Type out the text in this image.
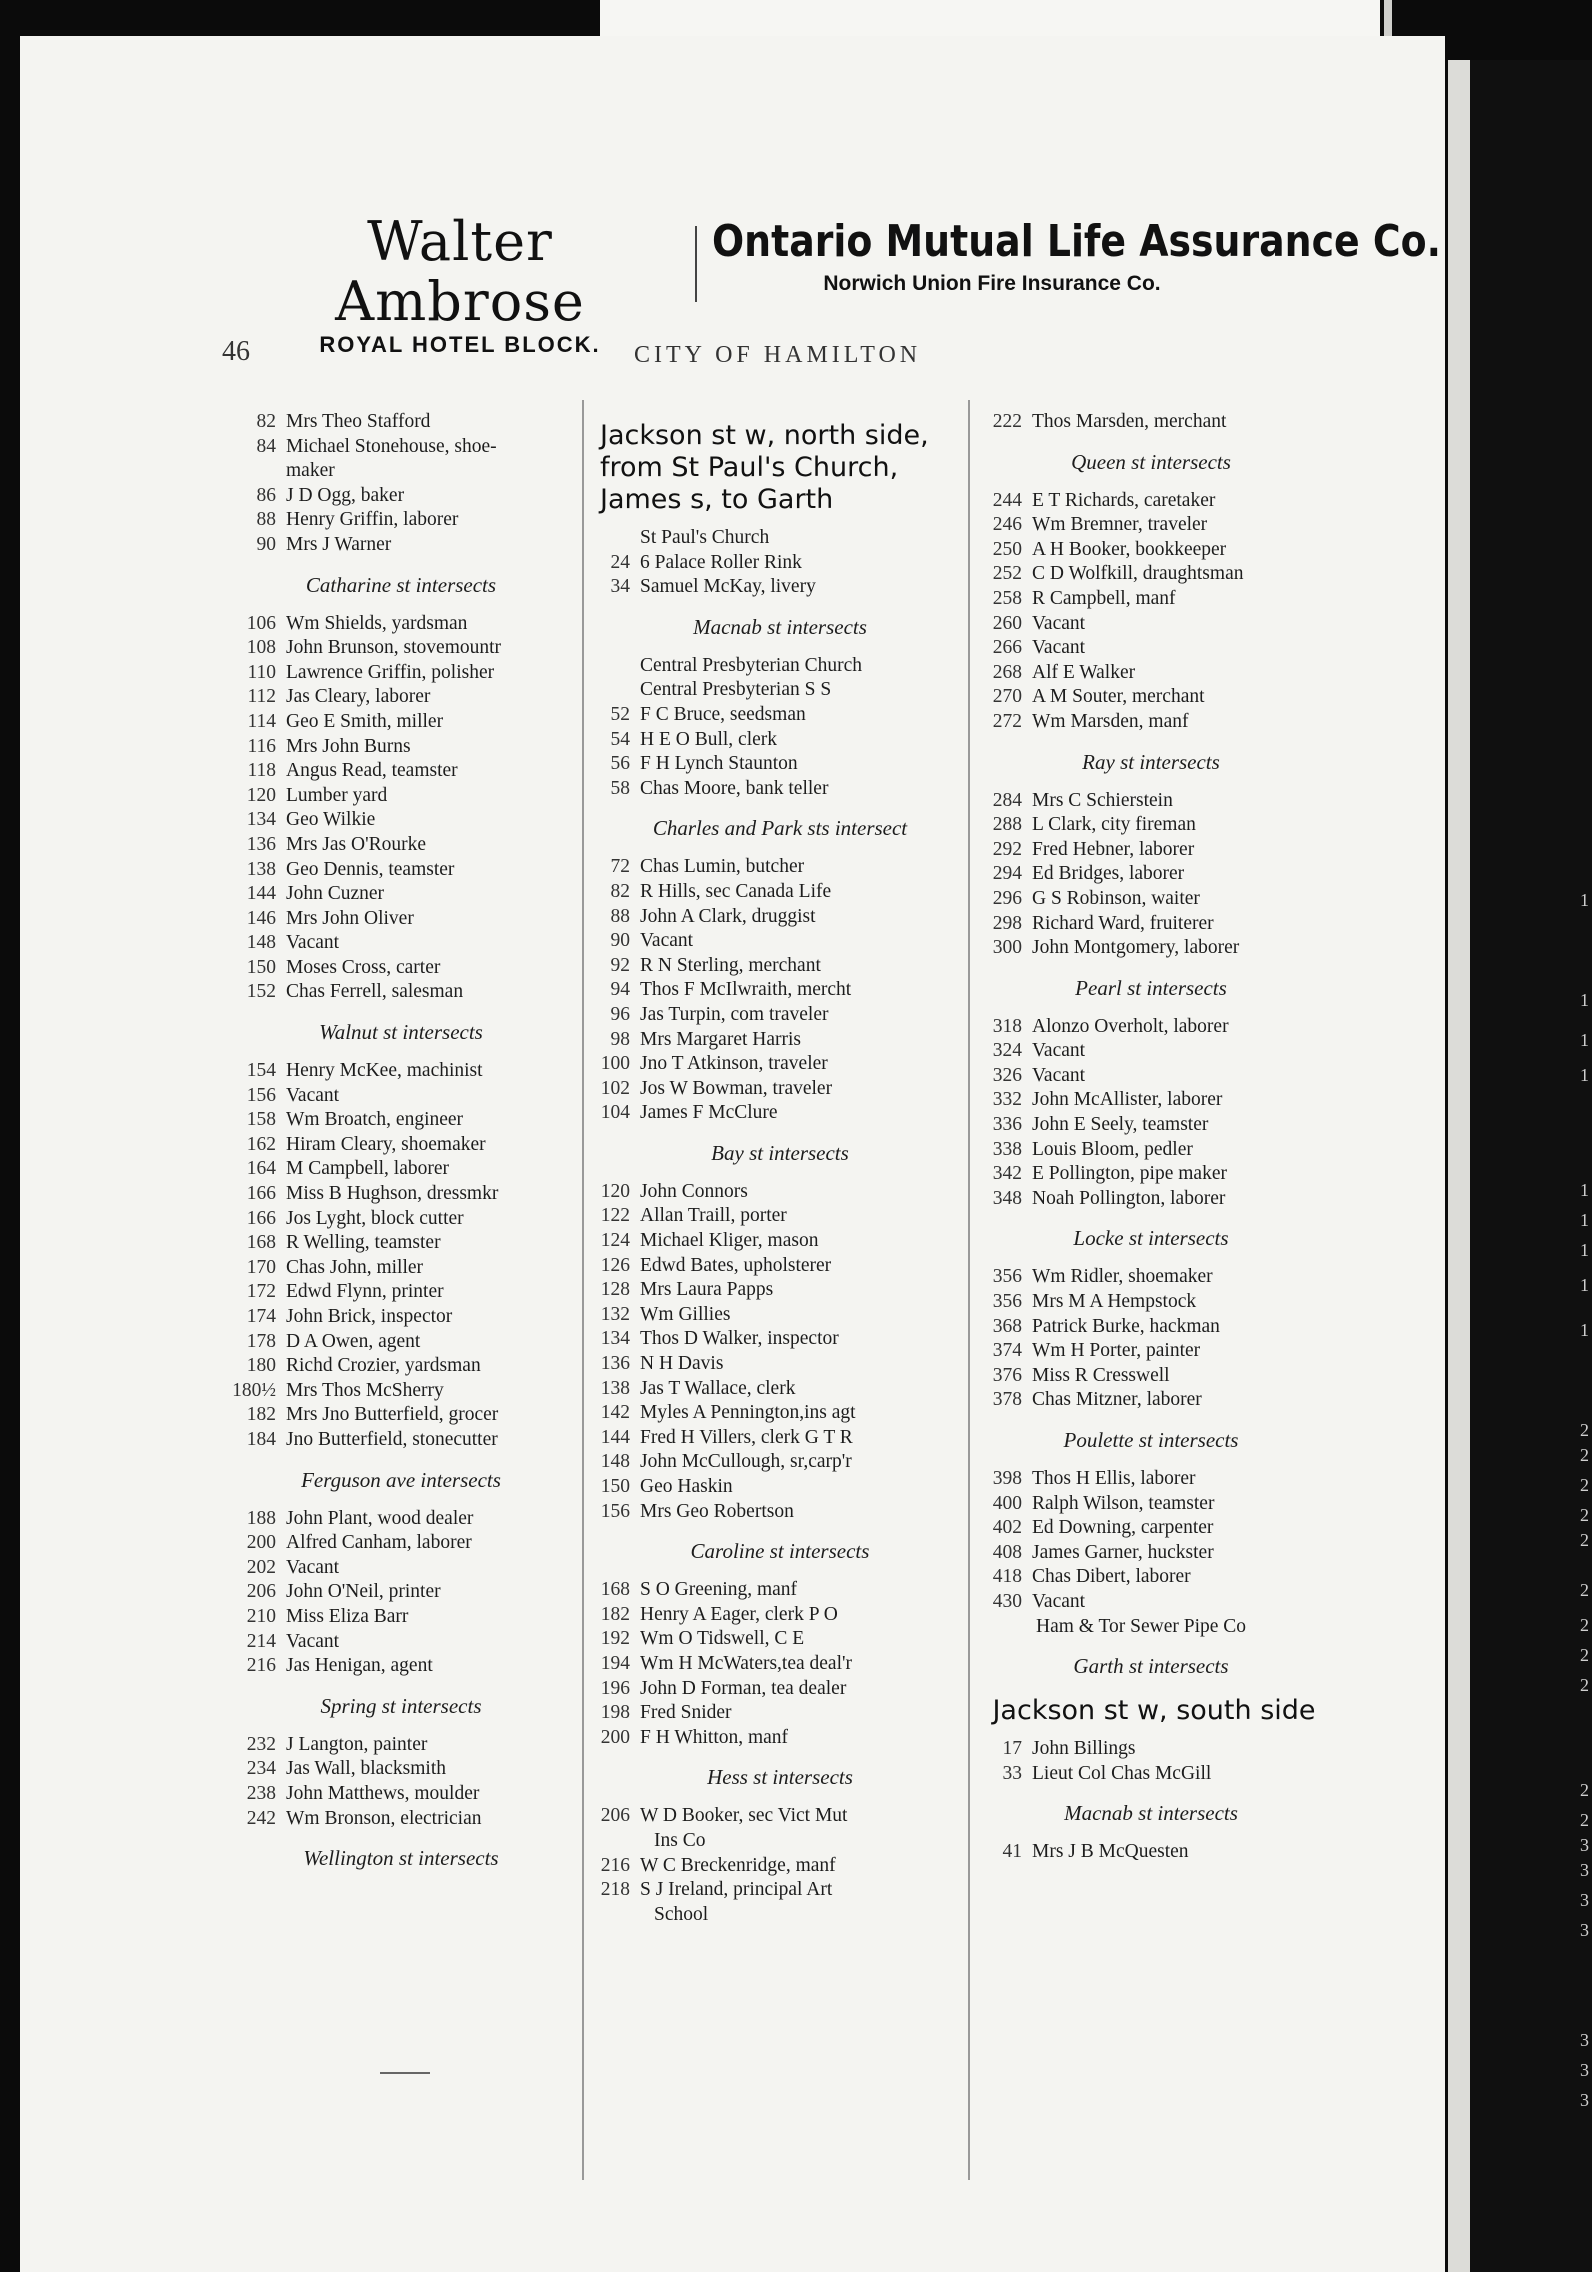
1
1
1
1
1
1
1
1
1
2
2
2
2
2
2
2
2
2
2
2
3
3
3
3
3
3
3
Walter Ambrose
ROYAL HOTEL BLOCK.
Ontario Mutual Life Assurance Co.
Norwich Union Fire Insurance Co.
46	CITY OF HAMILTON
82 Mrs Theo Stafford
84 Michael Stonehouse, shoe-
maker
86 J D Ogg, baker
88 Henry Griffin, laborer
90 Mrs J Warner
Catharine st intersects
106 Wm Shields, yardsman
108 John Brunson, stovemountr
110 Lawrence Griffin, polisher
112 Jas Cleary, laborer
114 Geo E Smith, miller
116 Mrs John Burns
118 Angus Read, teamster
120 Lumber yard
134 Geo Wilkie
136 Mrs Jas O'Rourke
138 Geo Dennis, teamster
144 John Cuzner
146 Mrs John Oliver
148 Vacant
150 Moses Cross, carter
152 Chas Ferrell, salesman
Walnut st intersects
154 Henry McKee, machinist
156 Vacant
158 Wm Broatch, engineer
162 Hiram Cleary, shoemaker
164 M Campbell, laborer
166 Miss B Hughson, dressmkr
166 Jos Lyght, block cutter
168 R Welling, teamster
170 Chas John, miller
172 Edwd Flynn, printer
174 John Brick, inspector
178 D A Owen, agent
180 Richd Crozier, yardsman
180½ Mrs Thos McSherry
182 Mrs Jno Butterfield, grocer
184 Jno Butterfield, stonecutter
Ferguson ave intersects
188 John Plant, wood dealer
200 Alfred Canham, laborer
202 Vacant
206 John O'Neil, printer
210 Miss Eliza Barr
214 Vacant
216 Jas Henigan, agent
Spring st intersects
232 J Langton, painter
234 Jas Wall, blacksmith
238 John Matthews, moulder
242 Wm Bronson, electrician
Wellington st intersects
Jackson st w, north side, from St Paul's Church, James s, to Garth
St Paul's Church
24 6 Palace Roller Rink
34 Samuel McKay, livery
Macnab st intersects
Central Presbyterian Church
Central Presbyterian S S
52 F C Bruce, seedsman
54 H E O Bull, clerk
56 F H Lynch Staunton
58 Chas Moore, bank teller
Charles and Park sts intersect
72 Chas Lumin, butcher
82 R Hills, sec Canada Life
88 John A Clark, druggist
90 Vacant
92 R N Sterling, merchant
94 Thos F McIlwraith, mercht
96 Jas Turpin, com traveler
98 Mrs Margaret Harris
100 Jno T Atkinson, traveler
102 Jos W Bowman, traveler
104 James F McClure
Bay st intersects
120 John Connors
122 Allan Traill, porter
124 Michael Kliger, mason
126 Edwd Bates, upholsterer
128 Mrs Laura Papps
132 Wm Gillies
134 Thos D Walker, inspector
136 N H Davis
138 Jas T Wallace, clerk
142 Myles A Pennington,ins agt
144 Fred H Villers, clerk G T R
148 John McCullough, sr,carp'r
150 Geo Haskin
156 Mrs Geo Robertson
Caroline st intersects
168 S O Greening, manf
182 Henry A Eager, clerk P O
192 Wm O Tidswell, C E
194 Wm H McWaters,tea deal'r
196 John D Forman, tea dealer
198 Fred Snider
200 F H Whitton, manf
Hess st intersects
206 W D Booker, sec Vict Mut
Ins Co
216 W C Breckenridge, manf
218 S J Ireland, principal Art
School
222 Thos Marsden, merchant
Queen st intersects
244 E T Richards, caretaker
246 Wm Bremner, traveler
250 A H Booker, bookkeeper
252 C D Wolfkill, draughtsman
258 R Campbell, manf
260 Vacant
266 Vacant
268 Alf E Walker
270 A M Souter, merchant
272 Wm Marsden, manf
Ray st intersects
284 Mrs C Schierstein
288 L Clark, city fireman
292 Fred Hebner, laborer
294 Ed Bridges, laborer
296 G S Robinson, waiter
298 Richard Ward, fruiterer
300 John Montgomery, laborer
Pearl st intersects
318 Alonzo Overholt, laborer
324 Vacant
326 Vacant
332 John McAllister, laborer
336 John E Seely, teamster
338 Louis Bloom, pedler
342 E Pollington, pipe maker
348 Noah Pollington, laborer
Locke st intersects
356 Wm Ridler, shoemaker
356 Mrs M A Hempstock
368 Patrick Burke, hackman
374 Wm H Porter, painter
376 Miss R Cresswell
378 Chas Mitzner, laborer
Poulette st intersects
398 Thos H Ellis, laborer
400 Ralph Wilson, teamster
402 Ed Downing, carpenter
408 James Garner, huckster
418 Chas Dibert, laborer
430 Vacant
Ham & Tor Sewer Pipe Co
Garth st intersects
Jackson st w, south side
17 John Billings
33 Lieut Col Chas McGill
Macnab st intersects
41 Mrs J B McQuesten
